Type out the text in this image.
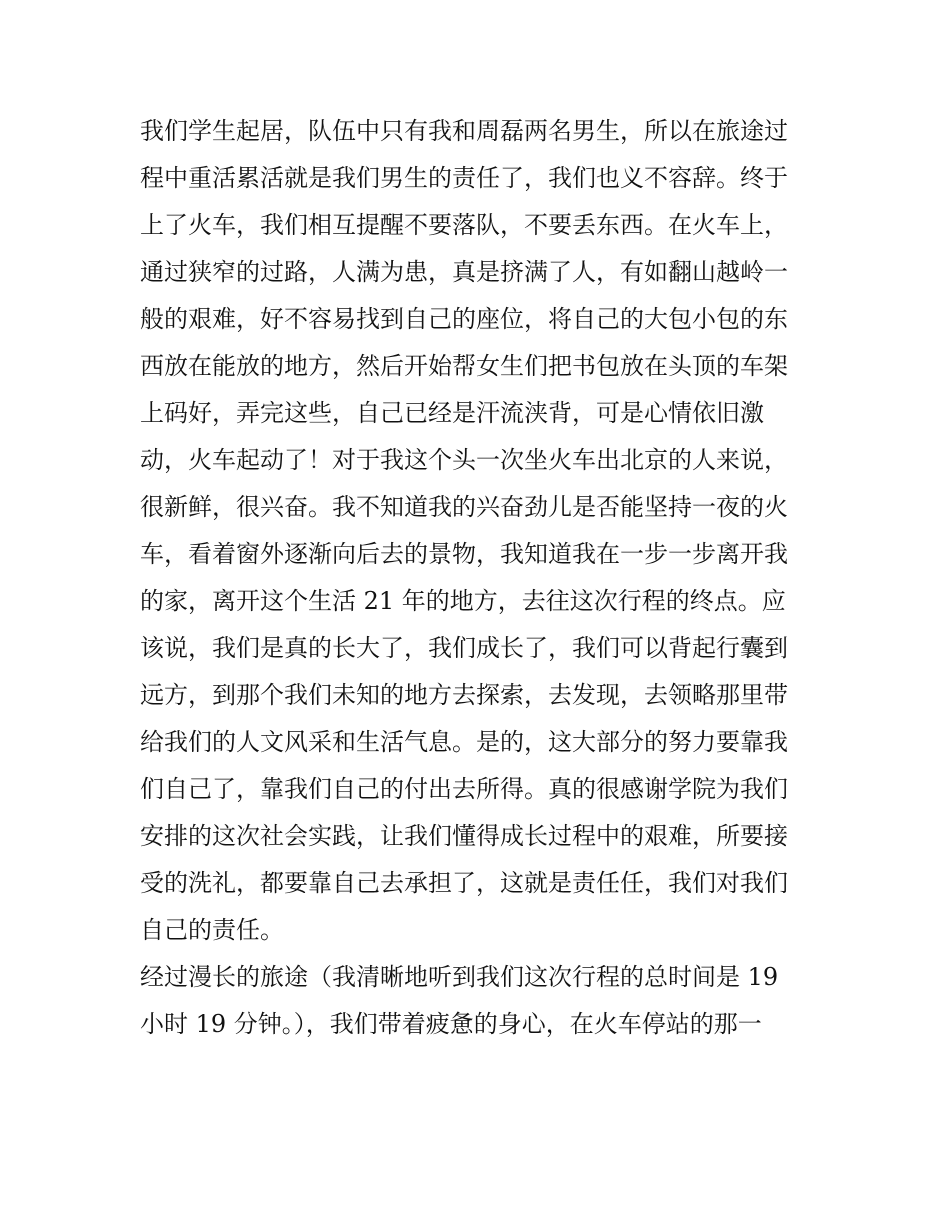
我们学生起居，队伍中只有我和周磊两名男生，所以在旅途过
程中重活累活就是我们男生的责任了，我们也义不容辞。终于
上了火车，我们相互提醒不要落队，不要丢东西。在火车上，
通过狭窄的过路，人满为患，真是挤满了人，有如翻山越岭一
般的艰难，好不容易找到自己的座位，将自己的大包小包的东
西放在能放的地方，然后开始帮女生们把书包放在头顶的车架
上码好，弄完这些，自己已经是汗流浃背，可是心情依旧激
动，火车起动了！对于我这个头一次坐火车出北京的人来说，
很新鲜，很兴奋。我不知道我的兴奋劲儿是否能坚持一夜的火
车，看着窗外逐渐向后去的景物，我知道我在一步一步离开我
的家，离开这个生活 21 年的地方，去往这次行程的终点。应
该说，我们是真的长大了，我们成长了，我们可以背起行囊到
远方，到那个我们未知的地方去探索，去发现，去领略那里带
给我们的人文风采和生活气息。是的，这大部分的努力要靠我
们自己了，靠我们自己的付出去所得。真的很感谢学院为我们
安排的这次社会实践，让我们懂得成长过程中的艰难，所要接
受的洗礼，都要靠自己去承担了，这就是责任任，我们对我们
自己的责任。
经过漫长的旅途（我清晰地听到我们这次行程的总时间是 19
小时 19 分钟。），我们带着疲惫的身心，在火车停站的那一
